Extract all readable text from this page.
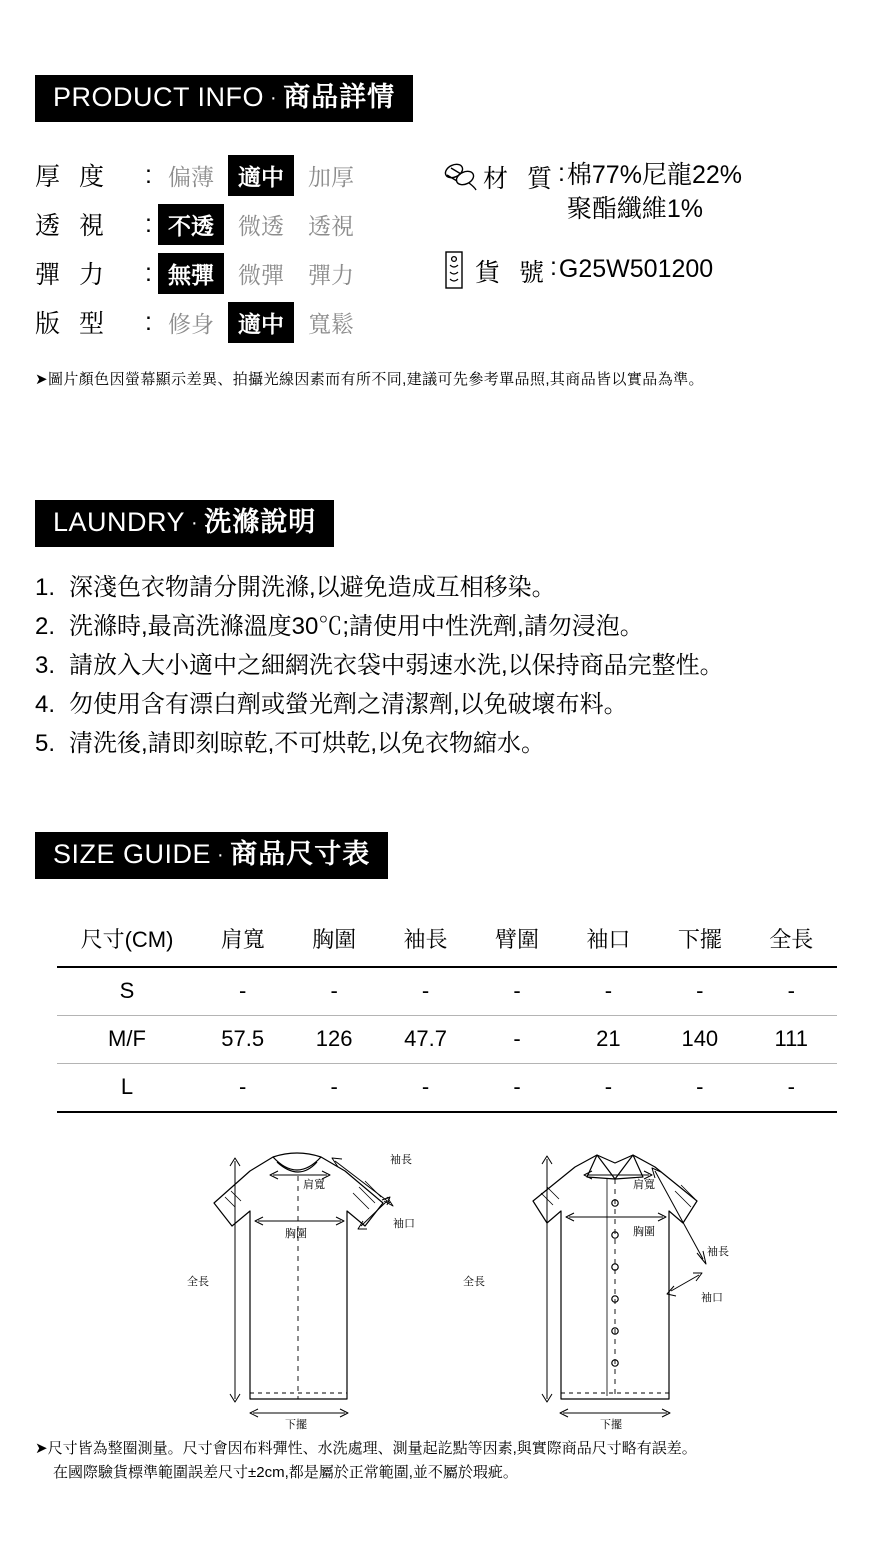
PRODUCT INFO · 商品詳情
厚 度	: 偏薄	適中	加厚
透 視	: 不透	微透	透視
彈 力	: 無彈	微彈	彈力
版 型	: 修身	適中	寬鬆
材 質 : 棉77%尼龍22%
聚酯纖維1%
貨 號 : G25W501200
➤圖片顏色因螢幕顯示差異、拍攝光線因素而有所不同,建議可先參考單品照,其商品皆以實品為準。
LAUNDRY · 洗滌說明
1. 深淺色衣物請分開洗滌,以避免造成互相移染。
2. 洗滌時,最高洗滌溫度30℃;請使用中性洗劑,請勿浸泡。
3. 請放入大小適中之細網洗衣袋中弱速水洗,以保持商品完整性。
4. 勿使用含有漂白劑或螢光劑之清潔劑,以免破壞布料。
5. 清洗後,請即刻晾乾,不可烘乾,以免衣物縮水。
SIZE GUIDE · 商品尺寸表
尺寸(CM)	肩寬	胸圍	袖長	臂圍	袖口	下擺	全長
S	-	-	-	-	-	-	-
M/F	57.5	126	47.7	-	21	140	111
L	-	-	-	-	-	-	-
袖長
肩寬
胸圍
袖口
全長
下擺
肩寬
胸圍
袖長
袖口
全長
下擺
➤尺寸皆為整圈測量。尺寸會因布料彈性、水洗處理、測量起訖點等因素,與實際商品尺寸略有誤差。
在國際驗貨標準範圍誤差尺寸±2cm,都是屬於正常範圍,並不屬於瑕疵。
